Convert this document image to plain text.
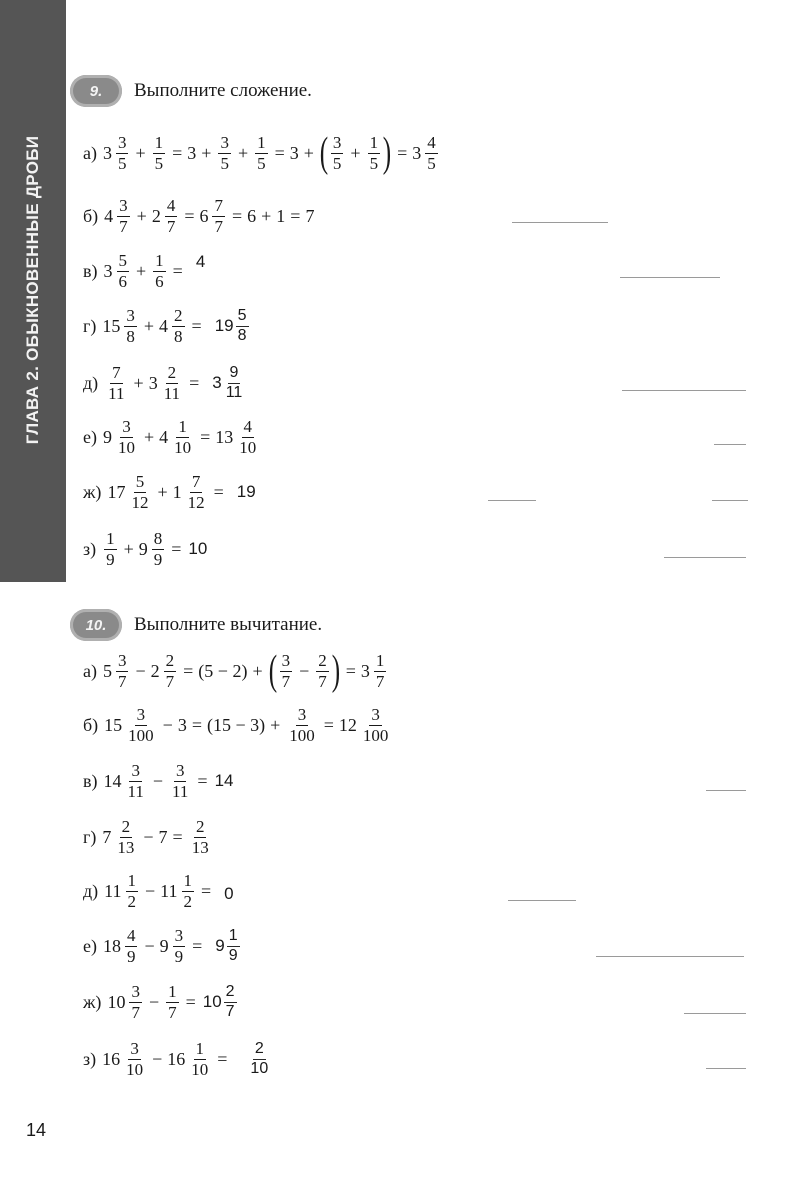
ГЛАВА 2. ОБЫКНОВЕННЫЕ ДРОБИ
9.	Выполните сложение.
а) $3 \frac{3}{5} + \frac{1}{5} = 3 + \frac{3}{5} + \frac{1}{5} = 3$ + ( $\frac{3}{5} + \frac{1}{5}$ ) = $3 \frac{4}{5}$
б) $4 \frac{3}{7} + 2 \frac{4}{7} = 6 \frac{7}{7} = 6 + 1 = 7$
в) $3 \frac{5}{6} + \frac{1}{6} = 4$
г) $15 \frac{3}{8} + 4 \frac{2}{8} = 19 \frac{5}{8}$
$д) \frac{7}{11} + 3 \frac{2}{11} = 3 \frac{9}{11}$
е) $9 \frac{3}{10} + 4 \frac{1}{10} = 13 \frac{4}{10}$
ж) $17 \frac{5}{12} + 1 \frac{7}{12} = 19$
$з) \frac{1}{9} + 9 \frac{8}{9} = 10$
10.	Выполните вычитание.
а) $5 \frac{3}{7} - 2 \frac{2}{7} = (5 - 2)$ + ( $\frac{3}{7} - \frac{2}{7}$ ) = $3 \frac{1}{7}$
б) $15 \frac{3}{100} - 3 = (15 - 3) + \frac{3}{100} = 12 \frac{3}{100}$
в) $14 \frac{3}{11} - \frac{3}{11} = 14$
г) $7 \frac{2}{13} - 7 = \frac{2}{13}$
д) $11 \frac{1}{2} - 11 \frac{1}{2} = 0$
е) $18 \frac{4}{9} - 9 \frac{3}{9} = 9 \frac{1}{9}$
ж) $10 \frac{3}{7} - \frac{1}{7} = 10 \frac{2}{7}$
з) $16 \frac{3}{10} - 16 \frac{1}{10} = \frac{2}{10}$
14
